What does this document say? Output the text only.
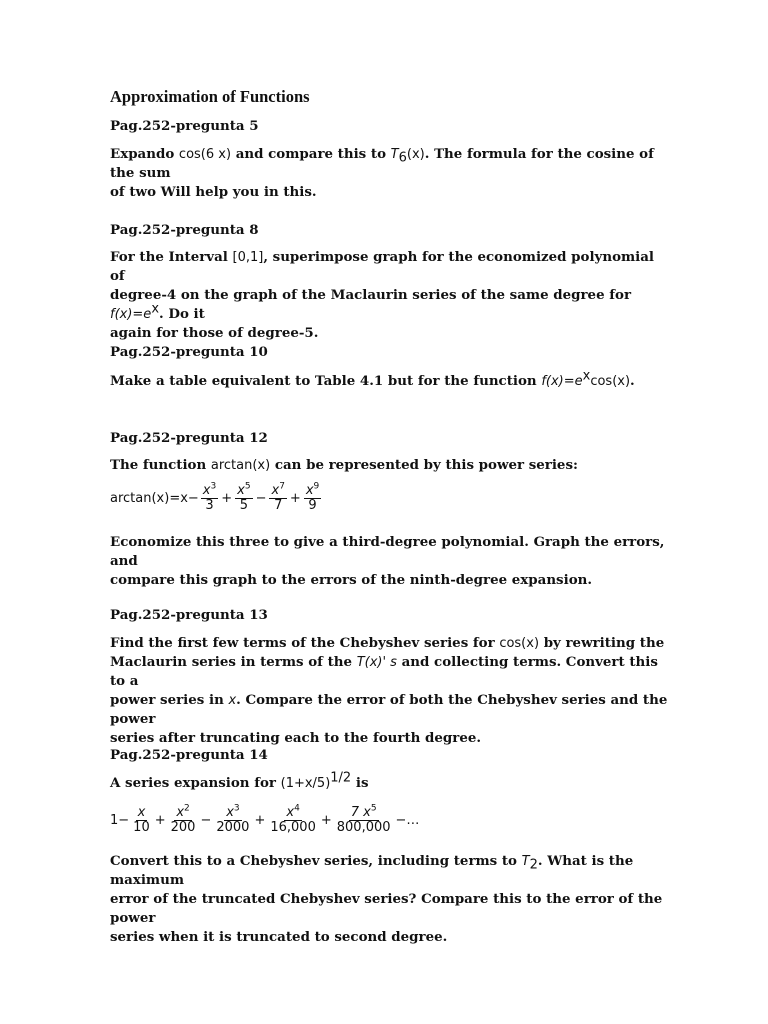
Approximation of Functions
Pag.252-pregunta 5
Expando cos(6 x) and compare this to $T_6(x)$. The formula for the cosine of the sum
of two Will help you in this.
Pag.252-pregunta 8
For the Interval [0,1], superimpose graph for the economized polynomial of
degree-4 on the graph of the Maclaurin series of the same degree for $f(x)=e^x$. Do it
again for those of degree-5.
Pag.252-pregunta 10
Make a table equivalent to Table 4.1 but for the function $f(x)=e^x\cos(x)$.
Pag.252-pregunta 12
The function arctan(x) can be represented by this power series:
$\arctan(x)=x- \frac{x^3}{3} + \frac{x^5}{5} - \frac{x^7}{7} + \frac{x^9}{9}$
Economize this three to give a third-degree polynomial. Graph the errors, and
compare this graph to the errors of the ninth-degree expansion.
Pag.252-pregunta 13
Find the first few terms of the Chebyshev series for cos(x) by rewriting the
Maclaurin series in terms of the T(x)' s and collecting terms. Convert this to a
power series in x. Compare the error of both the Chebyshev series and the power
series after truncating each to the fourth degree.
Pag.252-pregunta 14
A series expansion for $(1+x/5)^{1/2}$ is
$1- \frac{x}{10} + \frac{x^2}{200} - \frac{x^3}{2000} + \frac{x^4}{16,000} + \frac{7 x^5}{800,000}$ −…
Convert this to a Chebyshev series, including terms to $T_2$. What is the maximum
error of the truncated Chebyshev series? Compare this to the error of the power
series when it is truncated to second degree.
